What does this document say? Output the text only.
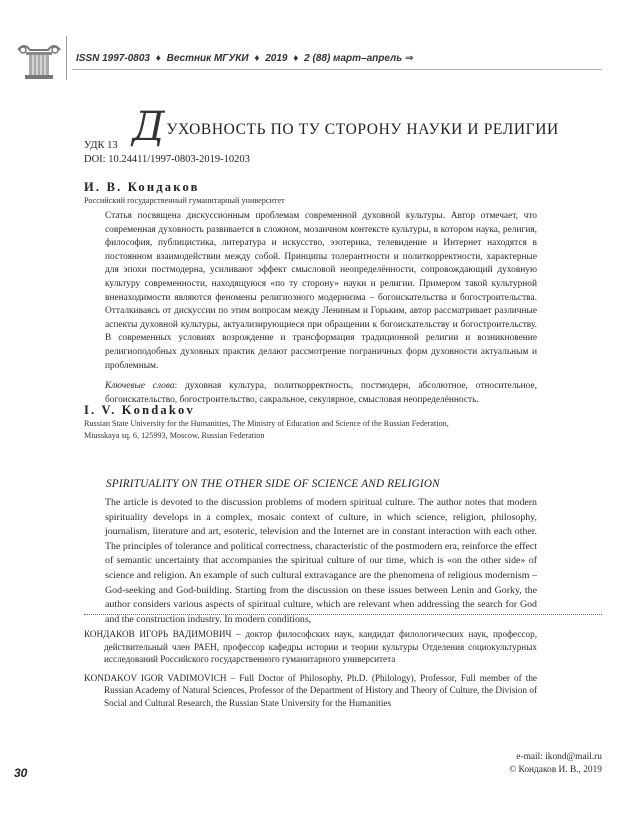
ISSN 1997-0803 ♦ Вестник МГУКИ ♦ 2019 ♦ 2 (88) март–апрель ⇒
ДУХОВНОСТЬ ПО ТУ СТОРОНУ НАУКИ И РЕЛИГИИ
УДК 13
DOI: 10.24411/1997-0803-2019-10203
И. В. Кондаков
Российский государственный гуманитарный университет

Статья посвящена дискуссионным проблемам современной духовной культуры. Автор отмечает, что современная духовность развивается в сложном, мозаичном контексте культуры, в котором наука, религия, философия, публицистика, литература и искусство, эзотерика, телевидение и Интернет находятся в постоянном взаимодействии между собой. Принципы толерантности и политкорректности, характерные для эпохи постмодерна, усиливают эффект смысловой неопределённости, сопровождающий духовную культуру современности, находящуюся «по ту сторону» науки и религии. Примером такой культурной вненаходимости являются феномены религиозного модернизма – богоискательства и богостроительства. Отталкиваясь от дискуссии по этим вопросам между Лениным и Горьким, автор рассматривает различные аспекты духовной культуры, актуализирующиеся при обращении к богоискательству и богостроительству. В современных условиях возрождение и трансформация традиционной религии и возникновение религиоподобных духовных практик делают рассмотрение пограничных форм духовности актуальным и проблемным.

Ключевые слова: духовная культура, политкорректность, постмодерн, абсолютное, относительное, богоискательство, богостроительство, сакральное, секулярное, смысловая неопределённость.

I. V. Kondakov
Russian State University for the Humanities, The Ministry of Education and Science of the Russian Federation,
Miusskaya sq. 6, 125993, Moscow, Russian Federation
SPIRITUALITY ON THE OTHER SIDE OF SCIENCE AND RELIGION

The article is devoted to the discussion problems of modern spiritual culture. The author notes that modern spirituality develops in a complex, mosaic context of culture, in which science, religion, philosophy, journalism, literature and art, esoteric, television and the Internet are in constant interaction with each other. The principles of tolerance and political correctness, characteristic of the postmodern era, reinforce the effect of semantic uncertainty that accompanies the spiritual culture of our time, which is «on the other side» of science and religion. An example of such cultural extravagance are the phenomena of religious modernism – God-seeking and God-building. Starting from the discussion on these issues between Lenin and Gorky, the author considers various aspects of spiritual culture, which are relevant when addressing the search for God and the construction industry. In modern conditions,

КОНДАКОВ ИГОРЬ ВАДИМОВИЧ – доктор философских наук, кандидат филологических наук, профессор, действительный член РАЕН, профессор кафедры истории и теории культуры Отделения социокультурных исследований Российского государственного гуманитарного университета

KONDAKOV IGOR VADIMOVICH – Full Doctor of Philosophy, Ph.D. (Philology), Professor, Full member of the Russian Academy of Natural Sciences, Professor of the Department of History and Theory of Culture, the Division of Social and Cultural Research, the Russian State University for the Humanities

e-mail: ikond@mail.ru
© Кондаков И. В., 2019
30
